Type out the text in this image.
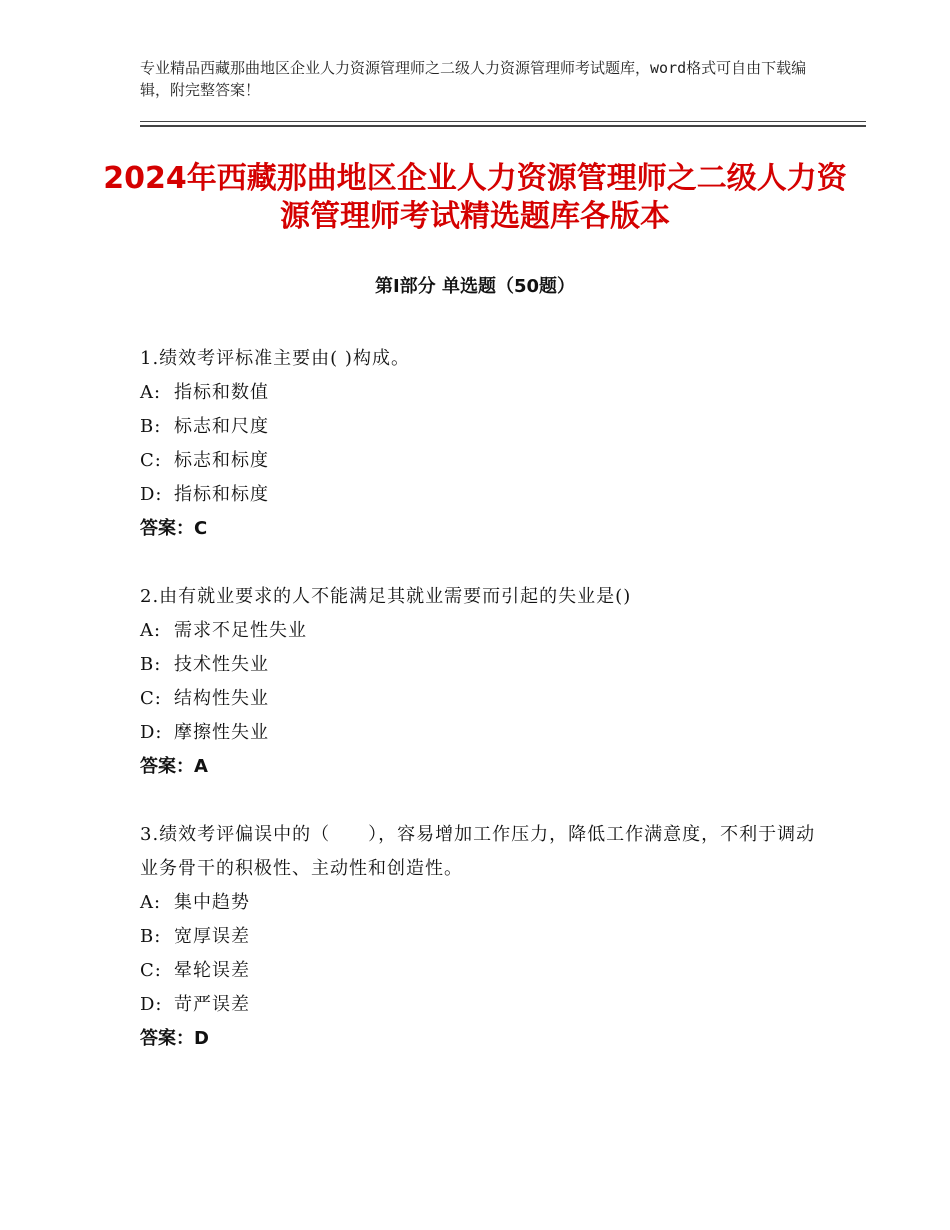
专业精品西藏那曲地区企业人力资源管理师之二级人力资源管理师考试题库，word格式可自由下载编辑，附完整答案！
2024年西藏那曲地区企业人力资源管理师之二级人力资源管理师考试精选题库各版本
第Ⅰ部分 单选题（50题）
1.绩效考评标准主要由( )构成。
A: 指标和数值
B: 标志和尺度
C: 标志和标度
D: 指标和标度
答案：C
2.由有就业要求的人不能满足其就业需要而引起的失业是()
A: 需求不足性失业
B: 技术性失业
C: 结构性失业
D: 摩擦性失业
答案：A
3.绩效考评偏误中的（　　），容易增加工作压力，降低工作满意度，不利于调动业务骨干的积极性、主动性和创造性。
A: 集中趋势
B: 宽厚误差
C: 晕轮误差
D: 苛严误差
答案：D
